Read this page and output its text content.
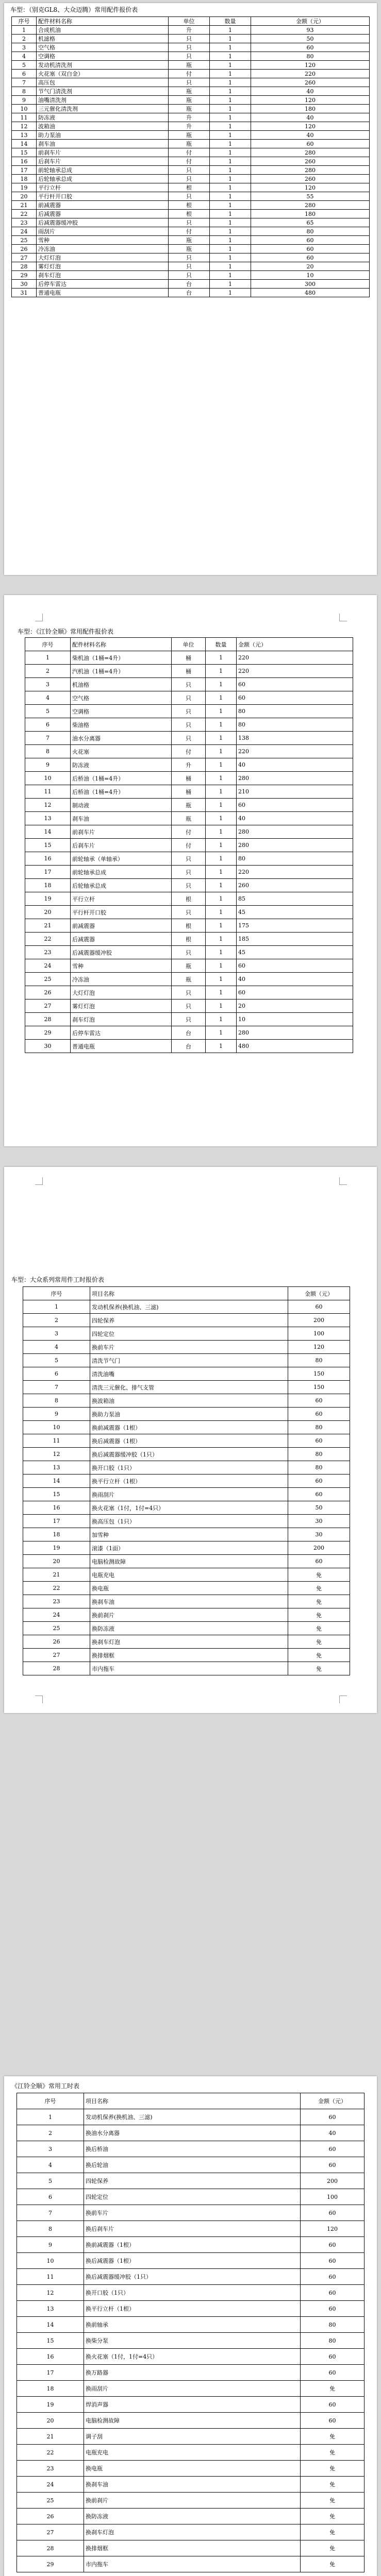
车型：（别克GL8、大众迈腾）常用配件报价表
序号	配件材料名称	单位	数量	金额（元）
1	合成机油	升	1	93
2	机滤格	只	1	50
3	空气格	只	1	60
4	空调格	只	1	80
5	发动机清洗剂	瓶	1	120
6	火花塞（双白金）	付	1	220
7	高压包	只	1	260
8	节气门清洗剂	瓶	1	40
9	油嘴清洗剂	瓶	1	120
10	三元催化清洗剂	瓶	1	180
11	防冻液	升	1	40
12	波箱油	升	1	120
13	助力泵油	瓶	1	40
14	刹车油	瓶	1	60
15	前刹车片	付	1	280
16	后刹车片	付	1	260
17	前轮轴承总成	只	1	280
18	后轮轴承总成	只	1	260
19	平行立杆	根	1	120
20	平行杆开口胶	只	1	55
21	前减震器	根	1	280
22	后减震器	根	1	180
23	后减震器缓冲胶	只	1	65
24	雨刮片	付	1	80
25	雪种	瓶	1	60
26	冷冻油	瓶	1	60
27	大灯灯泡	只	1	60
28	雾灯灯泡	只	1	20
29	刹车灯泡	只	1	10
30	后停车雷达	台	1	300
31	普通电瓶	台	1	480
车型：《江铃全顺》常用配件报价表
序号	配件材料名称	单位	数量	金额（元）
1	柴机油（1桶=4升）	桶	1	220
2	汽机油（1桶=4升）	桶	1	220
3	机油格	只	1	60
4	空气格	只	1	60
5	空调格	只	1	80
6	柴油格	只	1	80
7	油水分离器	只	1	138
8	火花塞	付	1	220
9	防冻液	升	1	40
10	后桥油（1桶=4升）	桶	1	280
11	后桥油（1桶=4升）	桶	1	210
12	制动液	瓶	1	60
13	刹车油	瓶	1	40
14	前刹车片	付	1	280
15	后刹车片	付	1	280
16	前轮轴承（单轴承）	只	1	80
17	前轮轴承总成	只	1	220
18	后轮轴承总成	只	1	260
19	平行立杆	根	1	85
20	平行杆开口胶	只	1	45
21	前减震器	根	1	175
22	后减震器	根	1	185
23	后减震器缓冲胶	只	1	45
24	雪种	瓶	1	60
25	冷冻油	瓶	1	40
26	大灯灯泡	只	1	60
27	雾灯灯泡	只	1	20
28	刹车灯泡	只	1	10
29	后停车雷达	台	1	280
30	普通电瓶	台	1	480
车型：大众系列常用件工时报价表
序号	项目名称	金额（元）
1	发动机保养(换机油、三滤)	60
2	四轮保养	200
3	四轮定位	100
4	换前车片	120
5	清洗节气门	80
6	清洗油嘴	150
7	清洗三元催化、排气支管	150
8	换波箱油	60
9	换助力泵油	60
10	换前减震器（1根）	80
11	换后减震器（1根）	60
12	换后减震器缓冲胶（1只）	80
13	换开口胶（1只）	80
14	换平行立杆（1根）	60
15	换雨刮片	60
16	换火花塞（1付，1付=4只）	50
17	换高压包（1只）	30
18	加雪种	30
19	滚漆（1面）	200
20	电脑检测故障	60
21	电瓶充电	免
22	换电瓶	免
23	换刹车油	免
24	换前刹片	免
25	换防冻液	免
26	换刹车灯泡	免
27	换排烟框	免
28	市内拖车	免
《江铃全顺》常用工时表
序号	项目名称	金额（元）
1	发动机保养(换机油、三滤)	60
2	换油水分离器	40
3	换后桥油	60
4	换后轮油	60
5	四轮保养	200
6	四轮定位	100
7	换前车片	60
8	换后刹车片	120
9	换前减震器（1根）	60
10	换后减震器（1根）	60
11	换后减震器缓冲胶（1只）	60
12	换开口胶（1只）	60
13	换平行立杆（1根）	60
14	换前轴承	80
15	换柴分泵	80
16	换火花塞（1付，1付=4只）	60
17	换万路器	60
18	换雨刮片	免
19	焊消声器	60
20	电脑检测故障	60
21	调子刮	免
22	电瓶充电	免
23	换电瓶	免
24	换刹车油	免
25	换前刹片	免
26	换防冻液	免
27	换刹车灯泡	免
28	换排烟框	免
29	市内拖车	免
